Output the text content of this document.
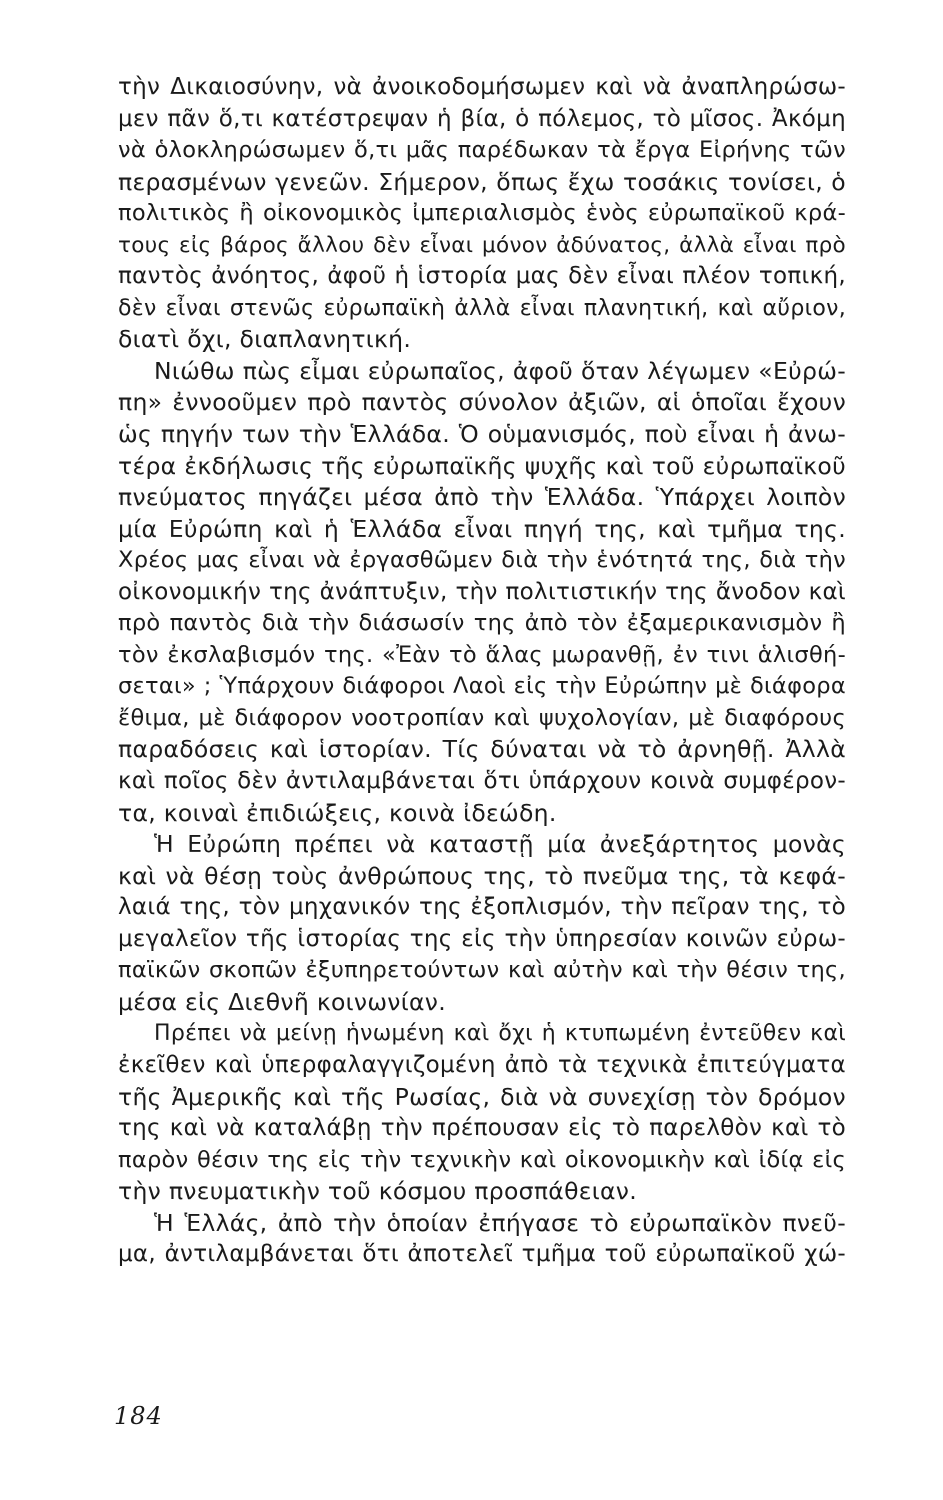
τὴν Δικαιοσύνην, νὰ ἀνοικοδομήσωμεν καὶ νὰ ἀναπληρώσω-
μεν πᾶν ὅ,τι κατέστρεψαν ἡ βία, ὁ πόλεμος, τὸ μῖσος. Ἀκόμη
νὰ ὁλοκληρώσωμεν ὅ,τι μᾶς παρέδωκαν τὰ ἔργα Εἰρήνης τῶν
περασμένων γενεῶν. Σήμερον, ὅπως ἔχω τοσάκις τονίσει, ὁ
πολιτικὸς ἢ οἰκονομικὸς ἰμπεριαλισμὸς ἑνὸς εὐρωπαϊκοῦ κρά-
τους εἰς βάρος ἄλλου δὲν εἶναι μόνον ἀδύνατος, ἀλλὰ εἶναι πρὸ
παντὸς ἀνόητος, ἀφοῦ ἡ ἱστορία μας δὲν εἶναι πλέον τοπική,
δὲν εἶναι στενῶς εὐρωπαϊκὴ ἀλλὰ εἶναι πλανητική, καὶ αὔριον,
διατὶ ὄχι, διαπλανητική.
Νιώθω πὼς εἶμαι εὐρωπαῖος, ἀφοῦ ὅταν λέγωμεν «Εὐρώ-
πη» ἐννοοῦμεν πρὸ παντὸς σύνολον ἀξιῶν, αἱ ὁποῖαι ἔχουν
ὡς πηγήν των τὴν Ἑλλάδα. Ὁ οὑμανισμός, ποὺ εἶναι ἡ ἀνω-
τέρα ἐκδήλωσις τῆς εὐρωπαϊκῆς ψυχῆς καὶ τοῦ εὐρωπαϊκοῦ
πνεύματος πηγάζει μέσα ἀπὸ τὴν Ἑλλάδα. Ὑπάρχει λοιπὸν
μία Εὐρώπη καὶ ἡ Ἑλλάδα εἶναι πηγή της, καὶ τμῆμα της.
Χρέος μας εἶναι νὰ ἐργασθῶμεν διὰ τὴν ἑνότητά της, διὰ τὴν
οἰκονομικήν της ἀνάπτυξιν, τὴν πολιτιστικήν της ἄνοδον καὶ
πρὸ παντὸς διὰ τὴν διάσωσίν της ἀπὸ τὸν ἐξαμερικανισμὸν ἢ
τὸν ἐκσλαβισμόν της. «Ἐὰν τὸ ἅλας μωρανθῇ, ἐν τινι ἁλισθή-
σεται» ; Ὑπάρχουν διάφοροι Λαοὶ εἰς τὴν Εὐρώπην μὲ διάφορα
ἔθιμα, μὲ διάφορον νοοτροπίαν καὶ ψυχολογίαν, μὲ διαφόρους
παραδόσεις καὶ ἱστορίαν. Τίς δύναται νὰ τὸ ἀρνηθῇ. Ἀλλὰ
καὶ ποῖος δὲν ἀντιλαμβάνεται ὅτι ὑπάρχουν κοινὰ συμφέρον-
τα, κοιναὶ ἐπιδιώξεις, κοινὰ ἰδεώδη.
Ἡ Εὐρώπη πρέπει νὰ καταστῇ μία ἀνεξάρτητος μονὰς
καὶ νὰ θέσῃ τοὺς ἀνθρώπους της, τὸ πνεῦμα της, τὰ κεφά-
λαιά της, τὸν μηχανικόν της ἐξοπλισμόν, τὴν πεῖραν της, τὸ
μεγαλεῖον τῆς ἱστορίας της εἰς τὴν ὑπηρεσίαν κοινῶν εὐρω-
παϊκῶν σκοπῶν ἐξυπηρετούντων καὶ αὐτὴν καὶ τὴν θέσιν της,
μέσα εἰς Διεθνῆ κοινωνίαν.
Πρέπει νὰ μείνῃ ἡνωμένη καὶ ὄχι ἡ κτυπωμένη ἐντεῦθεν καὶ
ἐκεῖθεν καὶ ὑπερφαλαγγιζομένη ἀπὸ τὰ τεχνικὰ ἐπιτεύγματα
τῆς Ἀμερικῆς καὶ τῆς Ρωσίας, διὰ νὰ συνεχίσῃ τὸν δρόμον
της καὶ νὰ καταλάβῃ τὴν πρέπουσαν εἰς τὸ παρελθὸν καὶ τὸ
παρὸν θέσιν της εἰς τὴν τεχνικὴν καὶ οἰκονομικὴν καὶ ἰδίᾳ εἰς
τὴν πνευματικὴν τοῦ κόσμου προσπάθειαν.
Ἡ Ἑλλάς, ἀπὸ τὴν ὁποίαν ἐπήγασε τὸ εὐρωπαϊκὸν πνεῦ-
μα, ἀντιλαμβάνεται ὅτι ἀποτελεῖ τμῆμα τοῦ εὐρωπαϊκοῦ χώ-
184
